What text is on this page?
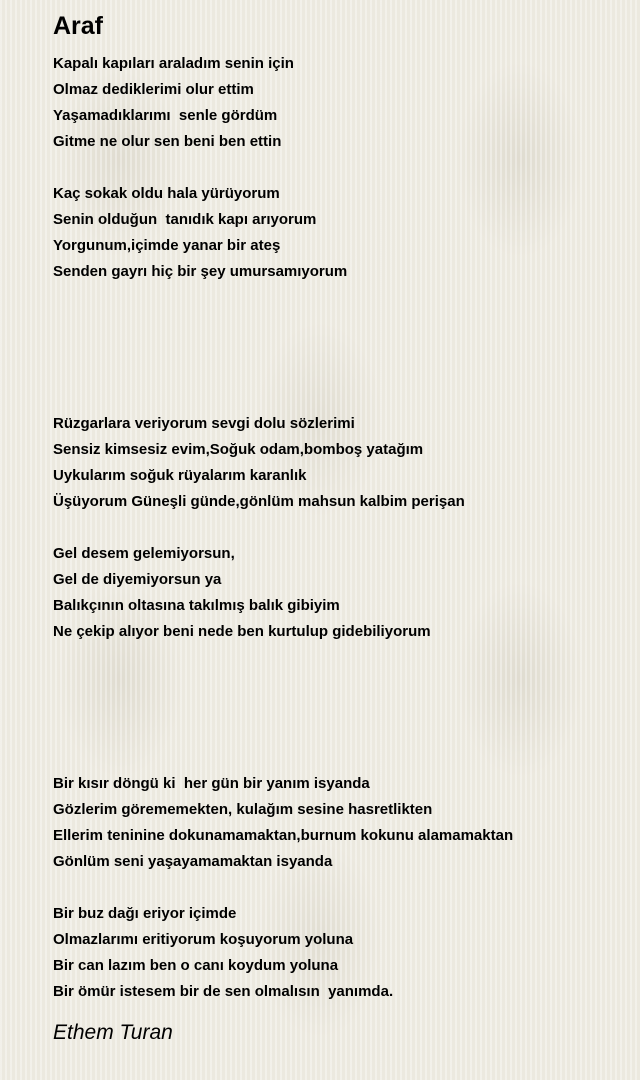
Araf
Kapalı kapıları araladım senin için
Olmaz dediklerimi olur ettim
Yaşamadıklarımı  senle gördüm
Gitme ne olur sen beni ben ettin
Kaç sokak oldu hala yürüyorum
Senin olduğun  tanıdık kapı arıyorum
Yorgunum,içimde yanar bir ateş
Senden gayrı hiç bir şey umursamıyorum
Rüzgarlara veriyorum sevgi dolu sözlerimi
Sensiz kimsesiz evim,Soğuk odam,bomboş yatağım
Uykularım soğuk rüyalarım karanlık
Üşüyorum Güneşli günde,gönlüm mahsun kalbim perişan
Gel desem gelemiyorsun,
Gel de diyemiyorsun ya
Balıkçının oltasına takılmış balık gibiyim
Ne çekip alıyor beni nede ben kurtulup gidebiliyorum
Bir kısır döngü ki  her gün bir yanım isyanda
Gözlerim görememekten, kulağım sesine hasretlikten
Ellerim teninine dokunamamaktan,burnum kokunu alamamaktan
Gönlüm seni yaşayamamaktan isyanda
Bir buz dağı eriyor içimde
Olmazlarımı eritiyorum koşuyorum yoluna
Bir can lazım ben o canı koydum yoluna
Bir ömür istesem bir de sen olmalısın  yanımda.
Ethem Turan
